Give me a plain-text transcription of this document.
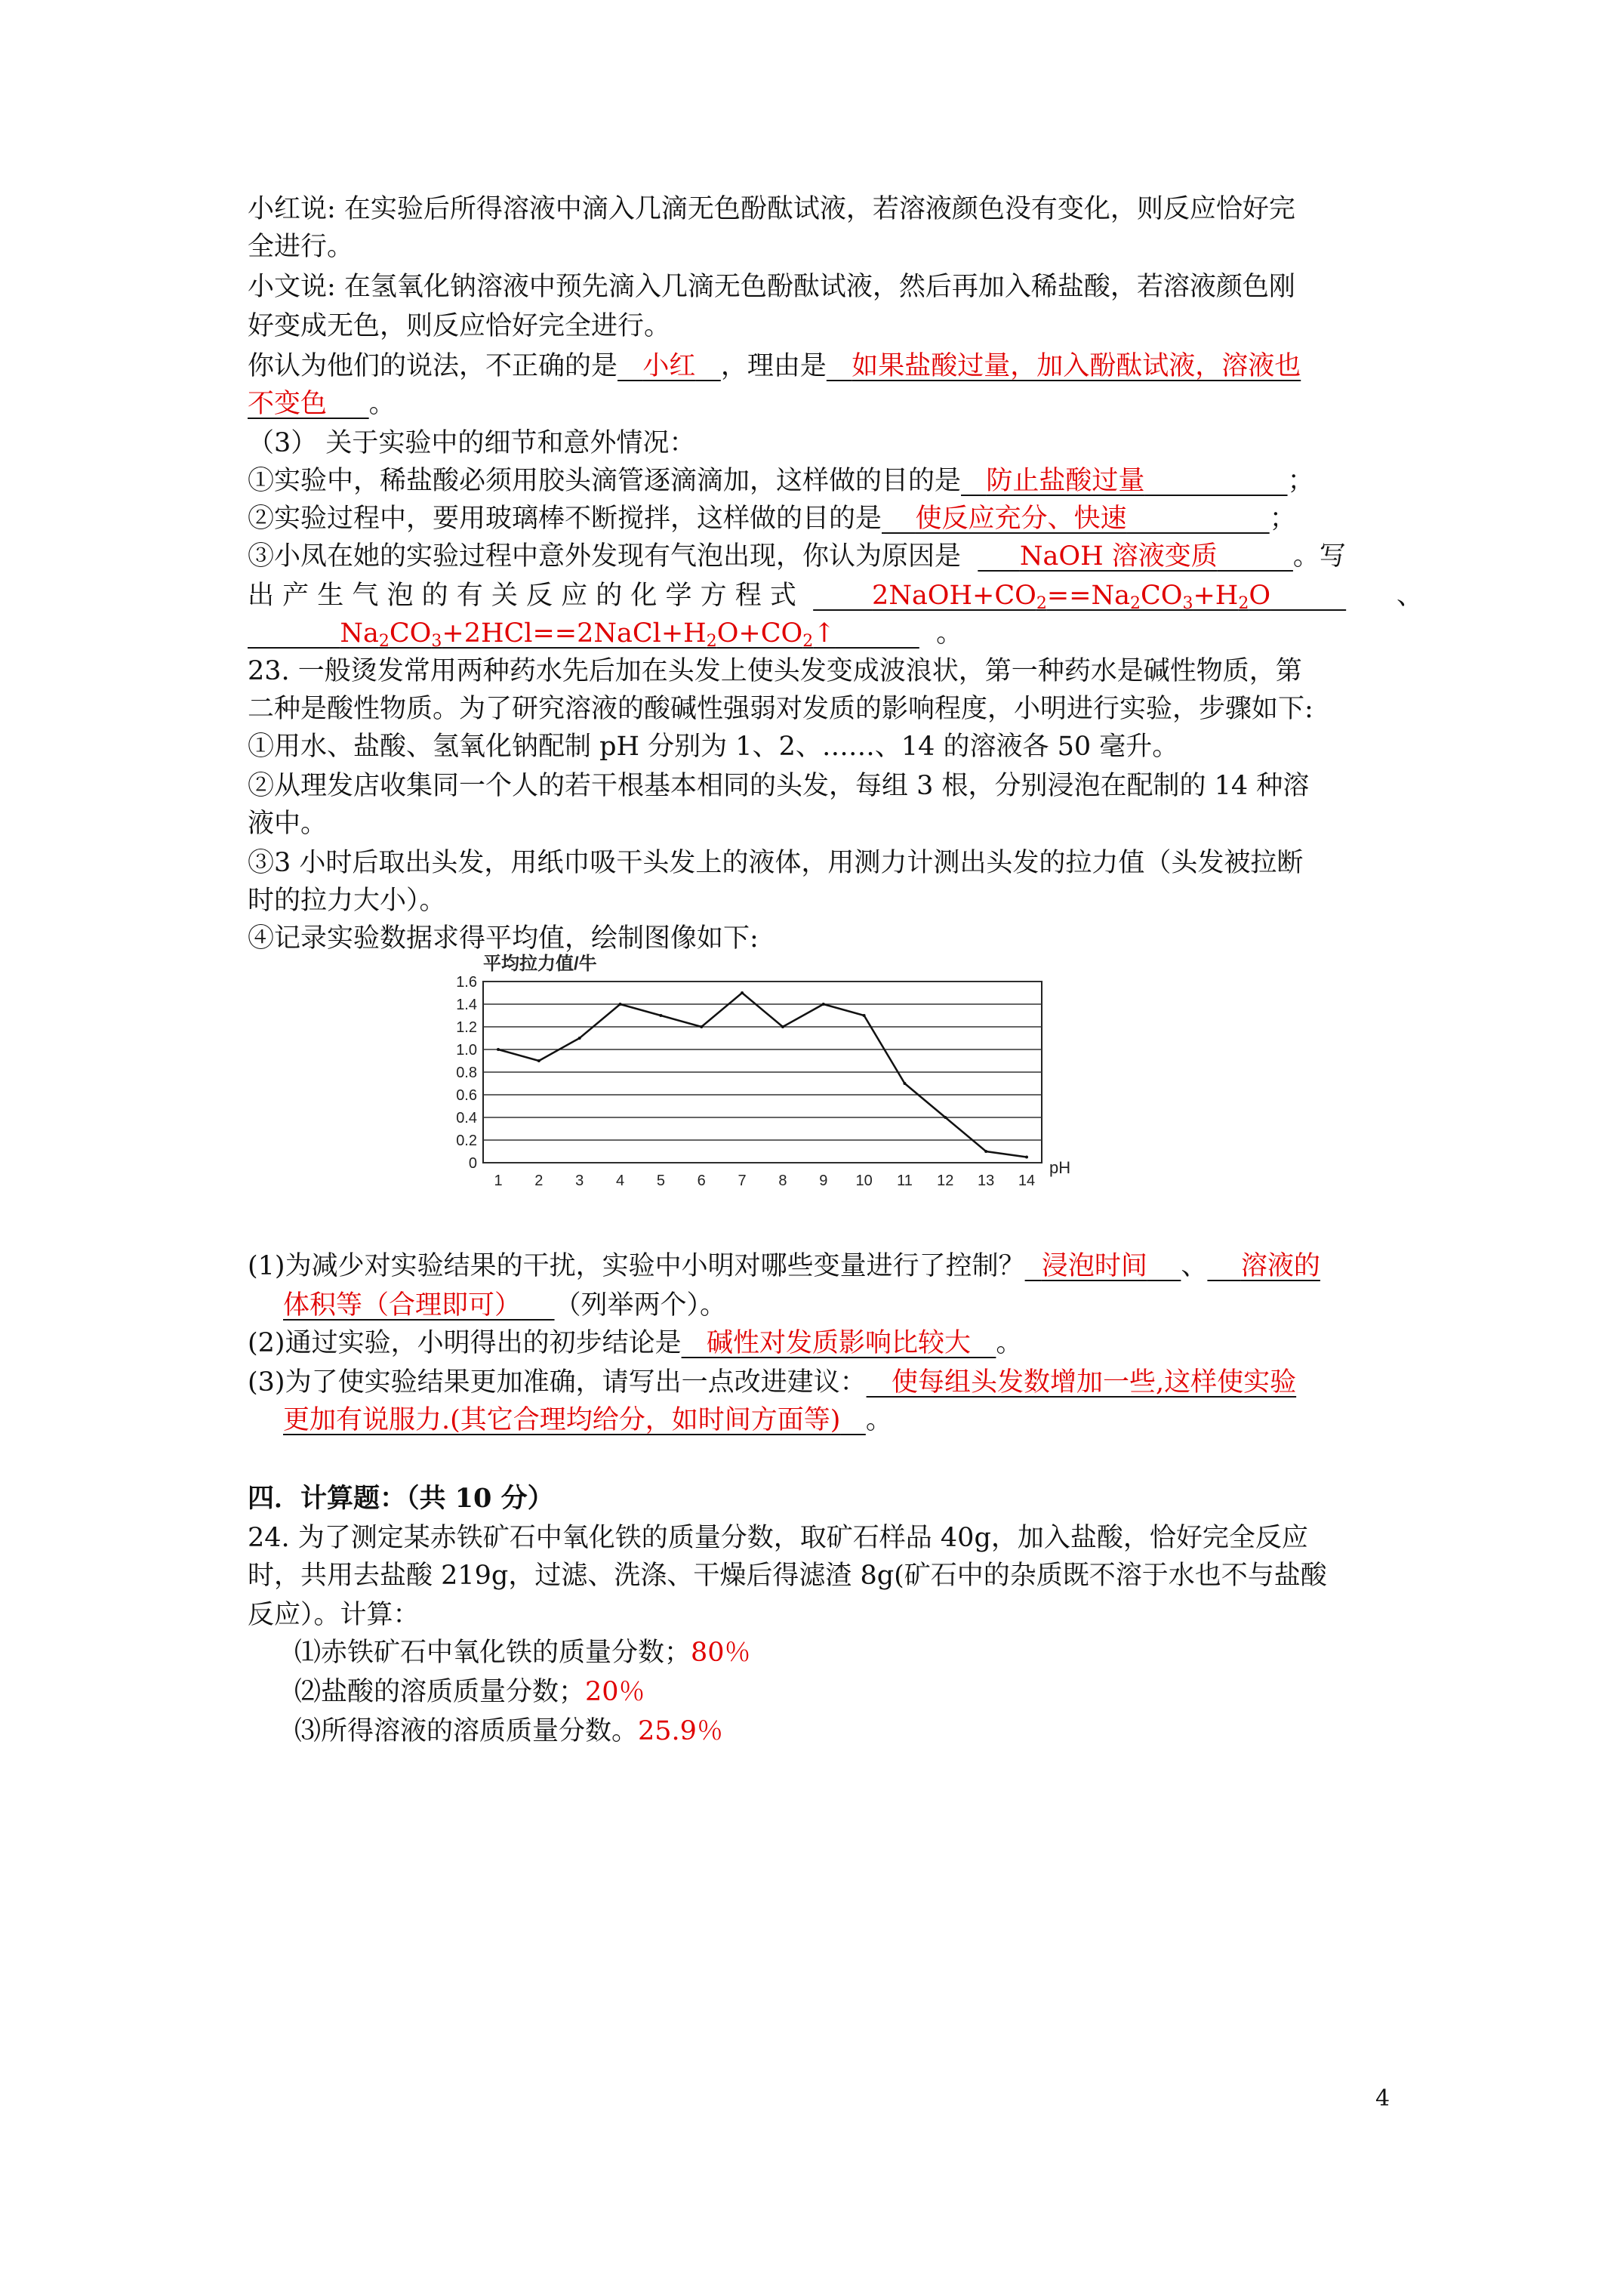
小红说: 在实验后所得溶液中滴入几滴无色酚酞试液，若溶液颜色没有变化，则反应恰好完
全进行。
小文说: 在氢氧化钠溶液中预先滴入几滴无色酚酞试液，然后再加入稀盐酸，若溶液颜色刚
好变成无色，则反应恰好完全进行。
你认为他们的说法，不正确的是 小红 ，理由是 如果盐酸过量，加入酚酞试液，溶液也
不变色 。
（3） 关于实验中的细节和意外情况：
①实验中，稀盐酸必须用胶头滴管逐滴滴加，这样做的目的是 防止盐酸过量	；
②实验过程中，要用玻璃棒不断搅拌，这样做的目的是 使反应充分、快速	；
③小凤在她的实验过程中意外发现有气泡出现，你认为原因是 NaOH 溶液变质	。写
出 产 生 气 泡 的 有 关 反 应 的 化 学 方 程 式	$2NaOH+CO_2==Na_2CO_3+H_2O$	、
$Na_2CO_3+2HCl==2NaCl+H_2O+CO_2↑$	。
23. 一般烫发常用两种药水先后加在头发上使头发变成波浪状，第一种药水是碱性物质，第
二种是酸性物质。为了研究溶液的酸碱性强弱对发质的影响程度，小明进行实验，步骤如下:
①用水、盐酸、氢氧化钠配制 pH 分别为 1、2、……、14 的溶液各 50 毫升。
②从理发店收集同一个人的若干根基本相同的头发，每组 3 根，分别浸泡在配制的 14 种溶
液中。
③3 小时后取出头发，用纸巾吸干头发上的液体，用测力计测出头发的拉力值（头发被拉断
时的拉力大小）。
④记录实验数据求得平均值，绘制图像如下:
平均拉力值/牛
0
0.2
0.4
0.6
0.8
1.0
1.2
1.4
1.6
1 2 3 4 5 6 7 8 9 10 11 12 13 14
pH
(1)为减少对实验结果的干扰，实验中小明对哪些变量进行了控制？ 浸泡时间 、 溶液的
体积等（合理即可） （列举两个）。
(2)通过实验，小明得出的初步结论是 碱性对发质影响比较大 。
(3)为了使实验结果更加准确，请写出一点改进建议： 使每组头发数增加一些,这样使实验
更加有说服力.(其它合理均给分，如时间方面等) 。
四．计算题：（共 10 分）
24. 为了测定某赤铁矿石中氧化铁的质量分数，取矿石样品 40g，加入盐酸，恰好完全反应
时，共用去盐酸 219g，过滤、洗涤、干燥后得滤渣 8g(矿石中的杂质既不溶于水也不与盐酸
反应）。计算：
⑴赤铁矿石中氧化铁的质量分数；80％
⑵盐酸的溶质质量分数；20％
⑶所得溶液的溶质质量分数。25.9％
4
